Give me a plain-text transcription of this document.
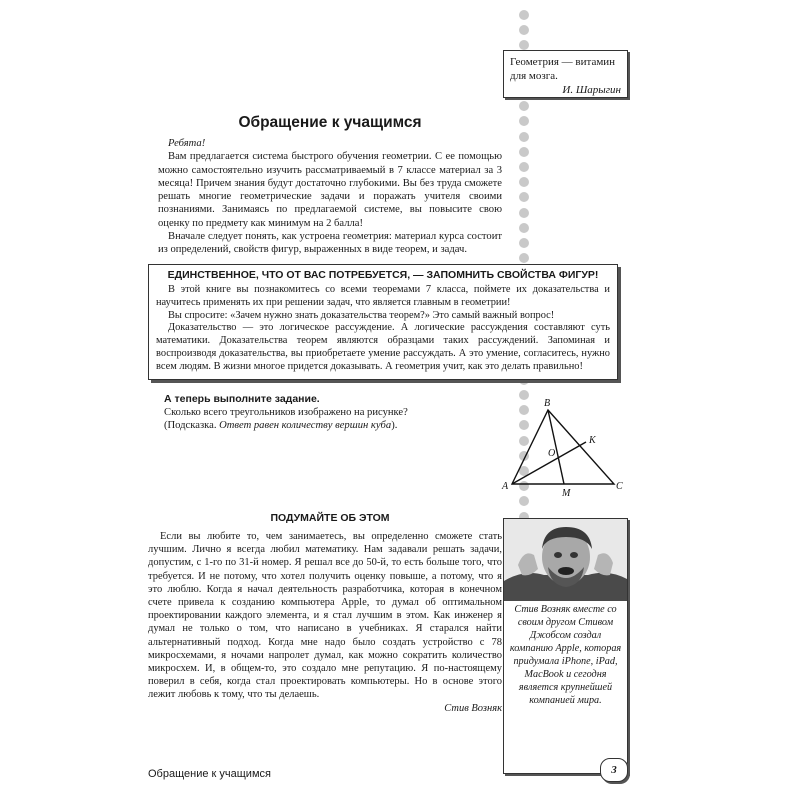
Геометрия — витамин для мозга.
И. Шарыгин
Обращение к учащимся

Ребята!

Вам предлагается система быстрого обучения геометрии. С ее помощью можно самостоятельно изучить рассматриваемый в 7 классе материал за 3 месяца! Причем знания будут достаточно глубокими. Вы без труда сможете решать многие геометрические задачи и поражать учителя своими познаниями. Занимаясь по предлагаемой системе, вы повысите свою оценку по предмету как минимум на 2 балла!

Вначале следует понять, как устроена геометрия: материал курса состоит из определений, свойств фигур, выраженных в виде теорем, и задач.

ЕДИНСТВЕННОЕ, ЧТО ОТ ВАС ПОТРЕБУЕТСЯ, — ЗАПОМНИТЬ СВОЙСТВА ФИГУР!

В этой книге вы познакомитесь со всеми теоремами 7 класса, поймете их доказательства и научитесь применять их при решении задач, что является главным в геометрии!

Вы спросите: «Зачем нужно знать доказательства теорем?» Это самый важный вопрос!

Доказательство — это логическое рассуждение. А логические рассуждения составляют суть математики. Доказательства теорем являются образцами таких рассуждений. Запоминая и воспроизводя доказательства, вы приобретаете умение рассуждать. А это умение, согласитесь, нужно всем людям. В жизни многое придется доказывать. А геометрия учит, как это делать правильно!

А теперь выполните задание.

Сколько всего треугольников изображено на рисунке?

(Подсказка. Ответ равен количеству вершин куба).

A
B
C
K
O
M
ПОДУМАЙТЕ ОБ ЭТОМ

Если вы любите то, чем занимаетесь, вы определенно сможете стать лучшим. Лично я всегда любил математику. Нам задавали решать задачи, допустим, с 1-го по 31-й номер. Я решал все до 50-й, то есть больше того, что требуется. И не потому, что хотел получить оценку повыше, а потому, что я это люблю. Когда я начал деятельность разработчика, которая в конечном счете привела к созданию компьютера Apple, то думал об оптимальном проектировании каждого элемента, и я стал лучшим в этом. Как инженер я думал не только о том, что написано в учебниках. Я старался найти альтернативный подход. Когда мне надо было создать устройство с 78 микросхемами, я ночами напролет думал, как можно сократить количество микросхем. И, в общем-то, это создало мне репутацию. Я по-настоящему поверил в себя, когда стал проектировать компьютеры. Но в основе этого лежит любовь к тому, что ты делаешь.

Стив Возняк

Стив Возняк вместе со своим другом Стивом Джобсом создал компанию Apple, которая придумала iPhone, iPad, MacBook и сегодня является крупнейшей компанией мира.
Обращение к учащимся	3
